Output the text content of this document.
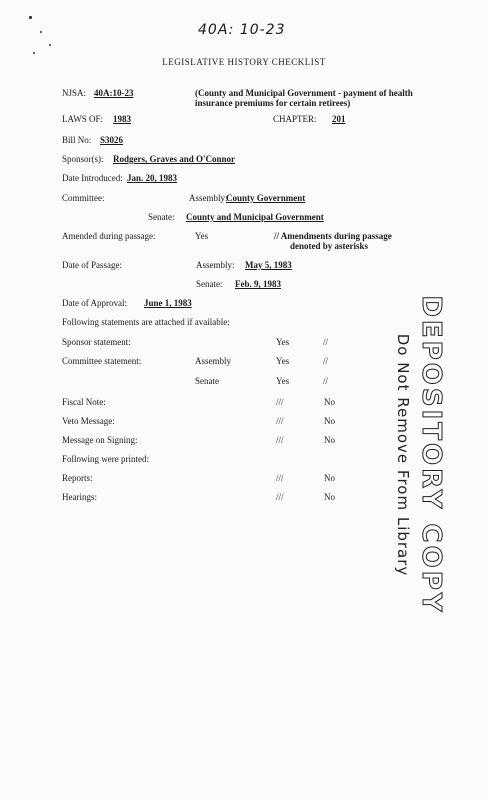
40A: 10-23
LEGISLATIVE HISTORY CHECKLIST
NJSA: 40A:10-23	(County and Municipal Government - payment of health
insurance premiums for certain retirees)
LAWS OF: 1983	CHAPTER: 201
Bill No: S3026
Sponsor(s): Rodgers, Graves and O'Connor
Date Introduced: Jan. 20, 1983
Committee:	Assembly:
County Government
Senate: County and Municipal Government
Amended during passage:	Yes	// Amendments during passage
denoted by asterisks
Date of Passage:	Assembly: May 5, 1983
Senate: Feb. 9, 1983
Date of Approval: June 1, 1983
Following statements are attached if available:
Sponsor statement:	Yes	//
Committee statement:	Assembly	Yes	//
Senate	Yes	//
Fiscal Note:	///	No
Veto Message:	///	No
Message on Signing:	///	No
Following were printed:
Reports:	///	No
Hearings:	///	No	DEPOSITORY COPY
Do Not Remove From Library
